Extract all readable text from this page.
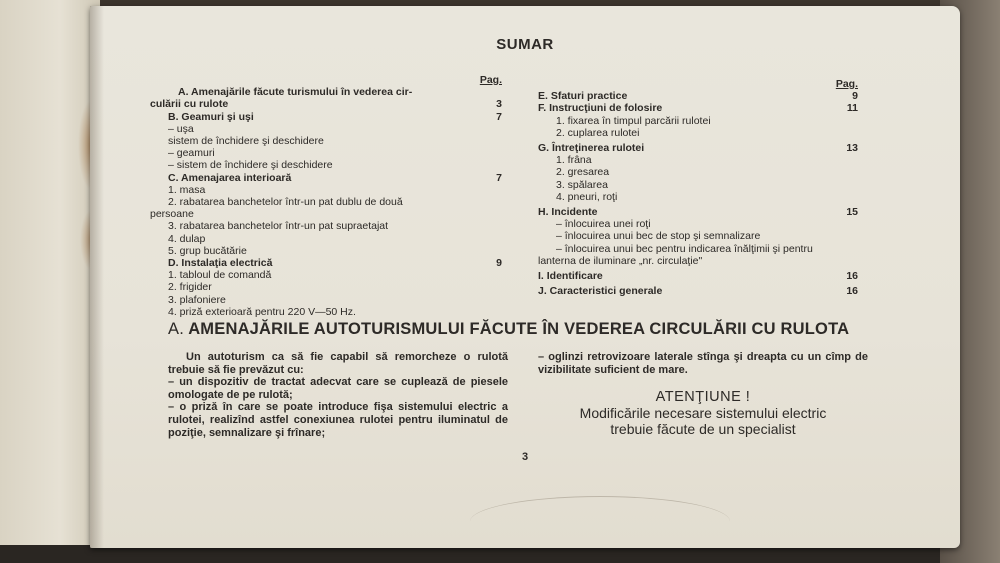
SUMAR
Pag.
A. Amenajările făcute turismului în vederea cir-
culării cu rulote	3
B. Geamuri şi uşi	7
– uşa
sistem de închidere şi deschidere
– geamuri
– sistem de închidere şi deschidere
C. Amenajarea interioară	7
1. masa
2. rabatarea banchetelor într-un pat dublu de două
persoane
3. rabatarea banchetelor într-un pat supraetajat
4. dulap
5. grup bucătărie
D. Instalaţia electrică	9
1. tabloul de comandă
2. frigider
3. plafoniere
4. priză exterioară pentru 220 V—50 Hz.
Pag.
E. Sfaturi practice	9
F. Instrucţiuni de folosire	11
1. fixarea în timpul parcării rulotei
2. cuplarea rulotei
G. Întreţinerea rulotei	13
1. frâna
2. gresarea
3. spălarea
4. pneuri, roţi
H. Incidente	15
– înlocuirea unei roţi
– înlocuirea unui bec de stop şi semnalizare
– înlocuirea unui bec pentru indicarea înălţimii şi pentru
lanterna de iluminare „nr. circulaţie"
I. Identificare	16
J. Caracteristici generale	16
A. AMENAJĂRILE AUTOTURISMULUI FĂCUTE ÎN VEDEREA CIRCULĂRII CU RULOTA

Un autoturism ca să fie capabil să remorcheze o rulotă trebuie să fie prevăzut cu:

– un dispozitiv de tractat adecvat care se cuplează de piesele omologate de pe rulotă;

– o priză în care se poate introduce fişa sistemului electric a rulotei, realizînd astfel conexiunea rulotei pentru iluminatul de poziţie, semnalizare şi frînare;

– oglinzi retrovizoare laterale stînga şi dreapta cu un cîmp de vizibilitate suficient de mare.

ATENŢIUNE !
Modificările necesare sistemului electric
trebuie făcute de un specialist
3
